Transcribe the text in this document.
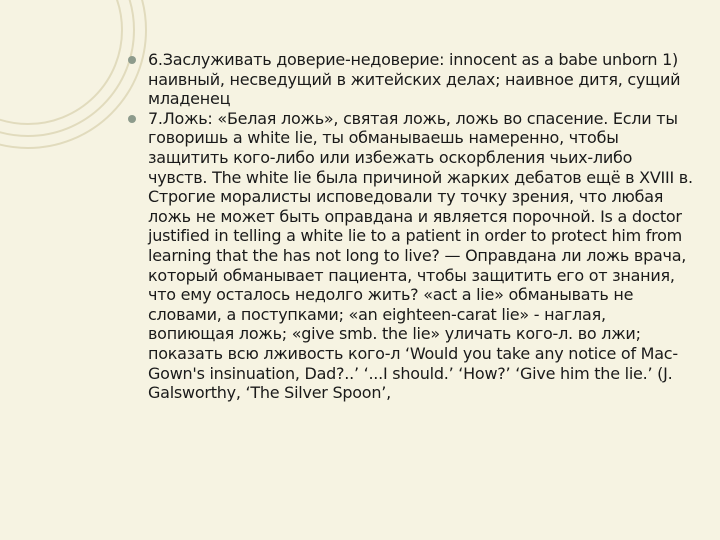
6.Заслуживать доверие-недоверие: innocent as a babe unborn 1) наивный, несведущий в житейских делах; наивное дитя, сущий младенец
7.Ложь: «Белая ложь», святая ложь, ложь во спасение. Если ты говоришь a white lie, ты обманываешь намеренно, чтобы защитить кого-либо или избежать оскорбления чьих-либо чувств. The white lie была причиной жарких дебатов ещё в XVIII в. Строгие моралисты исповедовали ту точку зрения, что любая ложь не может быть оправдана и является порочной. Is a doctor justified in telling a white lie to a patient in order to protect him from learning that the has not long to live? — Оправдана ли ложь врача, который обманывает пациента, чтобы защитить его от знания, что ему осталось недолго жить? «act a lie» обманывать не словами, а поступками; «an eighteen-carat lie» - наглая, вопиющая ложь; «give smb. the lie» уличать кого-л. во лжи; показать всю лживость кого-л ‘Would you take any notice of Mac-Gown's insinuation, Dad?..’ ‘...I should.’ ‘How?’ ‘Give him the lie.’ (J. Galsworthy, ‘The Silver Spoon’,
